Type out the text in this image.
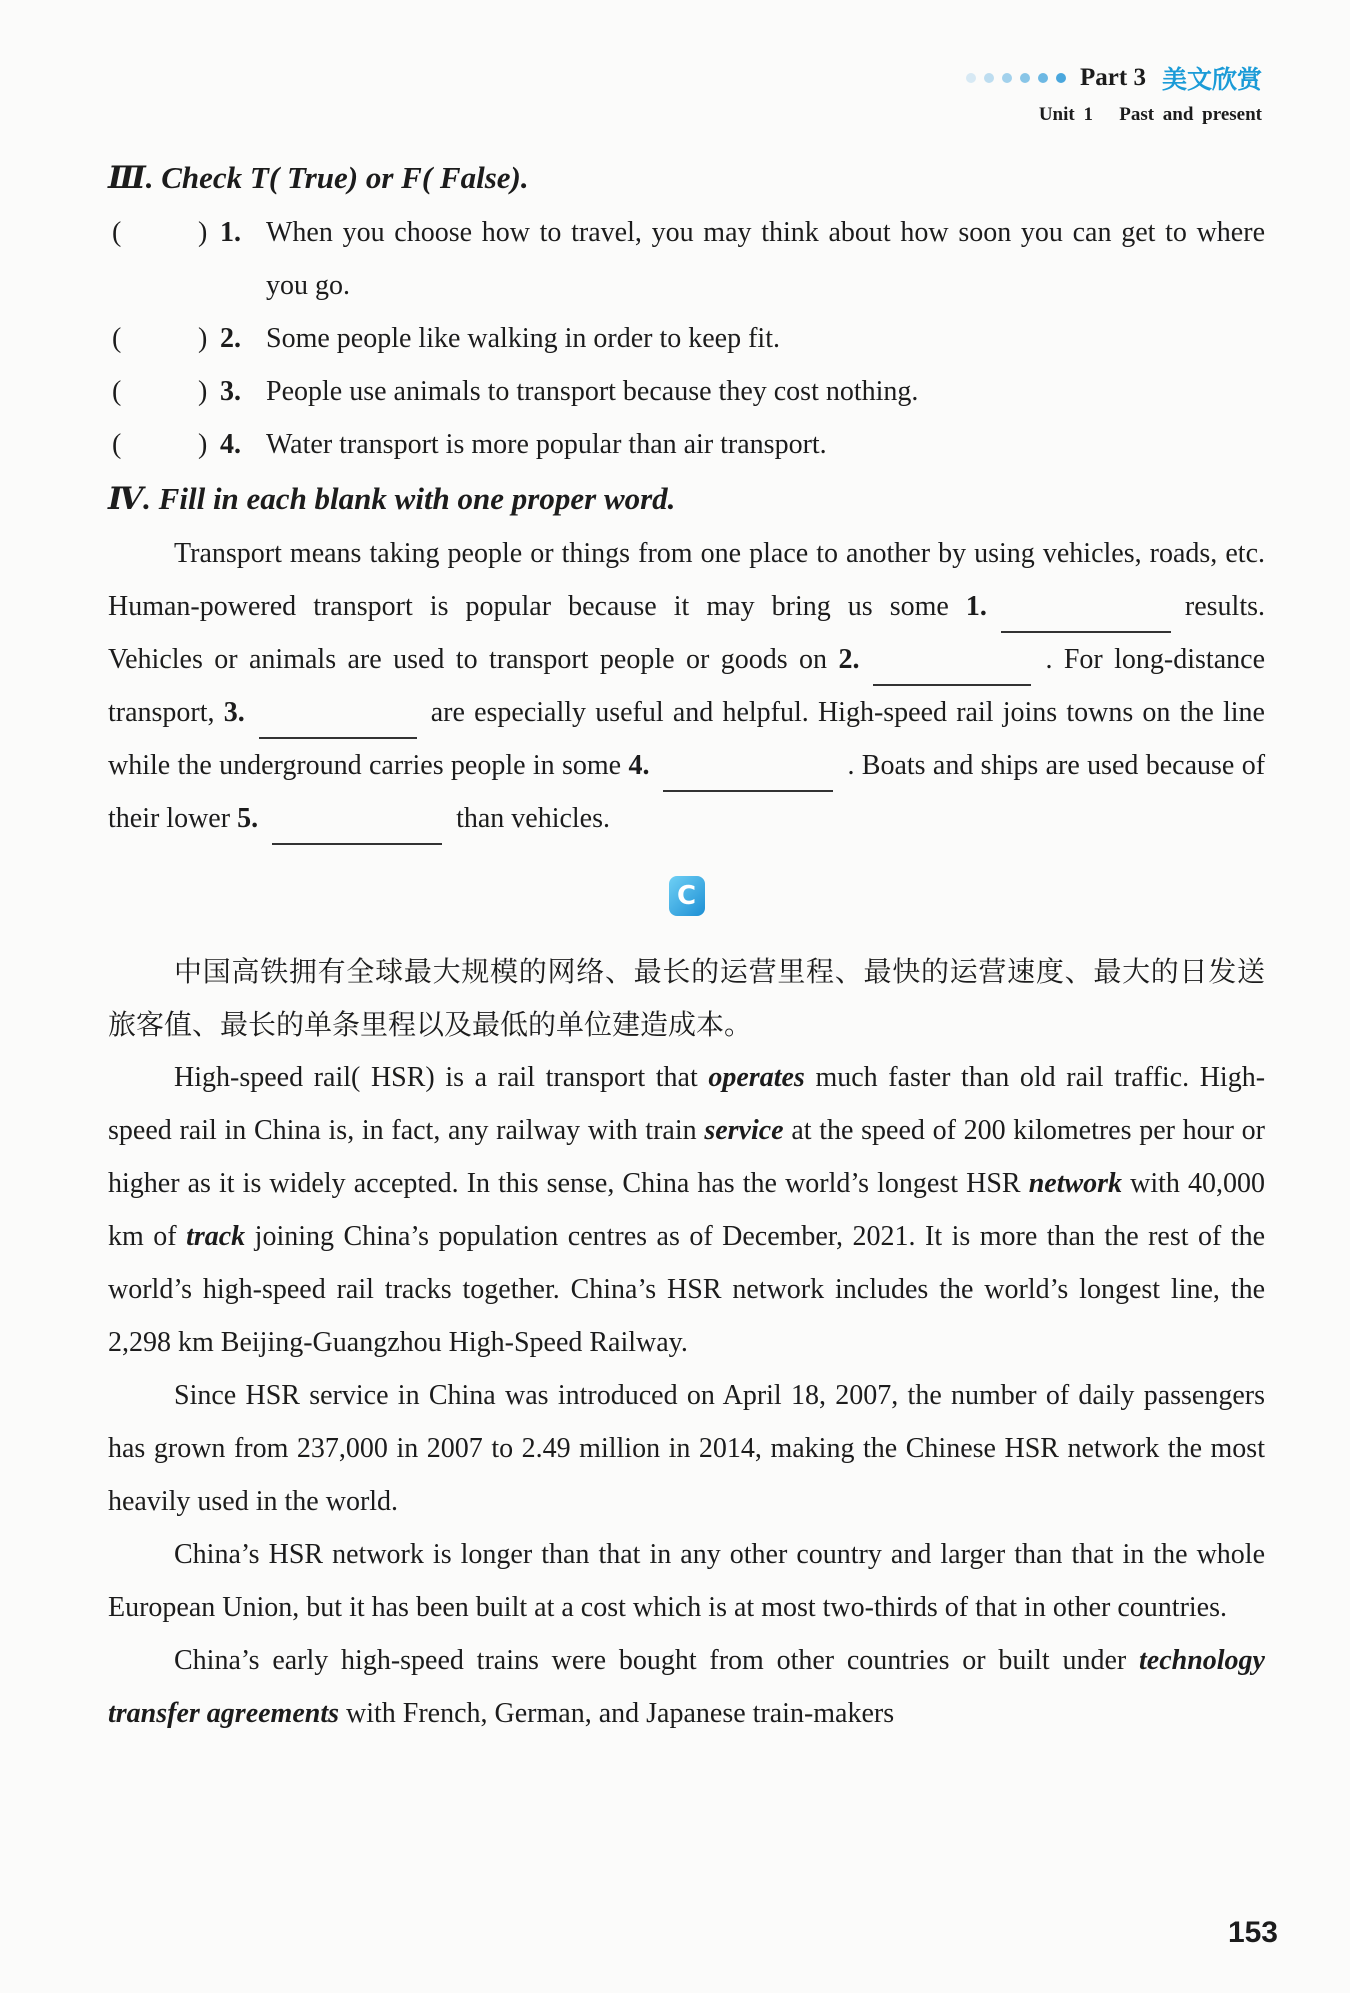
Part 3 美文欣赏
Unit 1 Past and present
Ⅲ. Check T( True) or F( False).
(	) 1. When you choose how to travel, you may think about how soon you can get to where you go.
(	) 2. Some people like walking in order to keep fit.
(	) 3. People use animals to transport because they cost nothing.
(	) 4. Water transport is more popular than air transport.
Ⅳ. Fill in each blank with one proper word.
Transport means taking people or things from one place to another by using vehicles, roads, etc. Human-powered transport is popular because it may bring us some 1.	results. Vehicles or animals are used to transport people or goods on 2.	. For long-distance transport, 3.	are especially useful and helpful. High-speed rail joins towns on the line while the underground carries people in some 4.	. Boats and ships are used because of their lower 5.	than vehicles.
C
中国高铁拥有全球最大规模的网络、最长的运营里程、最快的运营速度、最大的日发送旅客值、最长的单条里程以及最低的单位建造成本。
High-speed rail( HSR) is a rail transport that operates much faster than old rail traffic. High-speed rail in China is, in fact, any railway with train service at the speed of 200 kilometres per hour or higher as it is widely accepted. In this sense, China has the world’s longest HSR network with 40,000 km of track joining China’s population centres as of December, 2021. It is more than the rest of the world’s high-speed rail tracks together. China’s HSR network includes the world’s longest line, the 2,298 km Beijing-Guangzhou High-Speed Railway.
Since HSR service in China was introduced on April 18, 2007, the number of daily passengers has grown from 237,000 in 2007 to 2.49 million in 2014, making the Chinese HSR network the most heavily used in the world.
China’s HSR network is longer than that in any other country and larger than that in the whole European Union, but it has been built at a cost which is at most two-thirds of that in other countries.
China’s early high-speed trains were bought from other countries or built under technology transfer agreements with French, German, and Japanese train-makers
153
